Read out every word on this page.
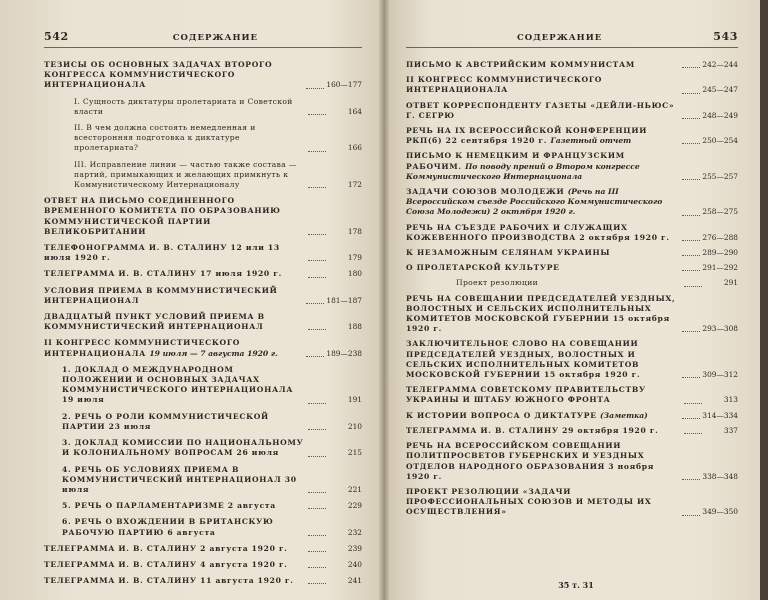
542	СОДЕРЖАНИЕ
ТЕЗИСЫ ОБ ОСНОВНЫХ ЗАДАЧАХ ВТОРОГО КОНГРЕССА КОММУНИСТИЧЕСКОГО ИНТЕРНАЦИОНАЛА	160—177
I. Сущность диктатуры пролетариата и Советской власти	164
II. В чем должна состоять немедленная и всесторонняя подготовка к диктатуре пролетариата?	166
III. Исправление линии — частью также состава — партий, примыкающих и желающих примкнуть к Коммунистическому Интернационалу	172
ОТВЕТ НА ПИСЬМО СОЕДИНЕННОГО ВРЕМЕННОГО КОМИТЕТА ПО ОБРАЗОВАНИЮ КОММУНИСТИЧЕСКОЙ ПАРТИИ ВЕЛИКОБРИТАНИИ	178
ТЕЛЕФОНОГРАММА И. В. СТАЛИНУ 12 или 13 июля 1920 г.	179
ТЕЛЕГРАММА И. В. СТАЛИНУ 17 июля 1920 г.	180
УСЛОВИЯ ПРИЕМА В КОММУНИСТИЧЕСКИЙ ИНТЕРНАЦИОНАЛ	181—187
ДВАДЦАТЫЙ ПУНКТ УСЛОВИЙ ПРИЕМА В КОММУНИСТИЧЕСКИЙ ИНТЕРНАЦИОНАЛ	188
II КОНГРЕСС КОММУНИСТИЧЕСКОГО ИНТЕРНАЦИОНАЛА 19 июля — 7 августа 1920 г.	189—238
1. ДОКЛАД О МЕЖДУНАРОДНОМ ПОЛОЖЕНИИ И ОСНОВНЫХ ЗАДАЧАХ КОММУНИСТИЧЕСКОГО ИНТЕРНАЦИОНАЛА 19 июля	191
2. РЕЧЬ О РОЛИ КОММУНИСТИЧЕСКОЙ ПАРТИИ 23 июля	210
3. ДОКЛАД КОМИССИИ ПО НАЦИОНАЛЬНОМУ И КОЛОНИАЛЬНОМУ ВОПРОСАМ 26 июля	215
4. РЕЧЬ ОБ УСЛОВИЯХ ПРИЕМА В КОММУНИСТИЧЕСКИЙ ИНТЕРНАЦИОНАЛ 30 июля	221
5. РЕЧЬ О ПАРЛАМЕНТАРИЗМЕ 2 августа	229
6. РЕЧЬ О ВХОЖДЕНИИ В БРИТАНСКУЮ РАБОЧУЮ ПАРТИЮ 6 августа	232
ТЕЛЕГРАММА И. В. СТАЛИНУ 2 августа 1920 г.	239
ТЕЛЕГРАММА И. В. СТАЛИНУ 4 августа 1920 г.	240
ТЕЛЕГРАММА И. В. СТАЛИНУ 11 августа 1920 г.	241
СОДЕРЖАНИЕ	543
ПИСЬМО К АВСТРИЙСКИМ КОММУНИСТАМ	242—244
II КОНГРЕСС КОММУНИСТИЧЕСКОГО ИНТЕРНАЦИОНАЛА	245—247
ОТВЕТ КОРРЕСПОНДЕНТУ ГАЗЕТЫ «ДЕЙЛИ-НЬЮС» Г. СЕГРЮ	248—249
РЕЧЬ НА IX ВСЕРОССИЙСКОЙ КОНФЕРЕНЦИИ РКП(б) 22 сентября 1920 г. Газетный отчет	250—254
ПИСЬМО К НЕМЕЦКИМ И ФРАНЦУЗСКИМ РАБОЧИМ. По поводу прений о Втором конгрессе Коммунистического Интернационала	255—257
ЗАДАЧИ СОЮЗОВ МОЛОДЕЖИ (Речь на III Всероссийском съезде Российского Коммунистического Союза Молодежи) 2 октября 1920 г.	258—275
РЕЧЬ НА СЪЕЗДЕ РАБОЧИХ И СЛУЖАЩИХ КОЖЕВЕННОГО ПРОИЗВОДСТВА 2 октября 1920 г.	276—288
К НЕЗАМОЖНЫМ СЕЛЯНАМ УКРАИНЫ	289—290
О ПРОЛЕТАРСКОЙ КУЛЬТУРЕ	291—292
Проект резолюции	291
РЕЧЬ НА СОВЕЩАНИИ ПРЕДСЕДАТЕЛЕЙ УЕЗДНЫХ, ВОЛОСТНЫХ И СЕЛЬСКИХ ИСПОЛНИТЕЛЬНЫХ КОМИТЕТОВ МОСКОВСКОЙ ГУБЕРНИИ 15 октября 1920 г.	293—308
ЗАКЛЮЧИТЕЛЬНОЕ СЛОВО НА СОВЕЩАНИИ ПРЕДСЕДАТЕЛЕЙ УЕЗДНЫХ, ВОЛОСТНЫХ И СЕЛЬСКИХ ИСПОЛНИТЕЛЬНЫХ КОМИТЕТОВ МОСКОВСКОЙ ГУБЕРНИИ 15 октября 1920 г.	309—312
ТЕЛЕГРАММА СОВЕТСКОМУ ПРАВИТЕЛЬСТВУ УКРАИНЫ И ШТАБУ ЮЖНОГО ФРОНТА	313
К ИСТОРИИ ВОПРОСА О ДИКТАТУРЕ (Заметка)	314—334
ТЕЛЕГРАММА И. В. СТАЛИНУ 29 октября 1920 г.	337
РЕЧЬ НА ВСЕРОССИЙСКОМ СОВЕЩАНИИ ПОЛИТПРОСВЕТОВ ГУБЕРНСКИХ И УЕЗДНЫХ ОТДЕЛОВ НАРОДНОГО ОБРАЗОВАНИЯ 3 ноября 1920 г.	338—348
ПРОЕКТ РЕЗОЛЮЦИИ «ЗАДАЧИ ПРОФЕССИОНАЛЬНЫХ СОЮЗОВ И МЕТОДЫ ИХ ОСУЩЕСТВЛЕНИЯ»	349—350
35 т. 31
